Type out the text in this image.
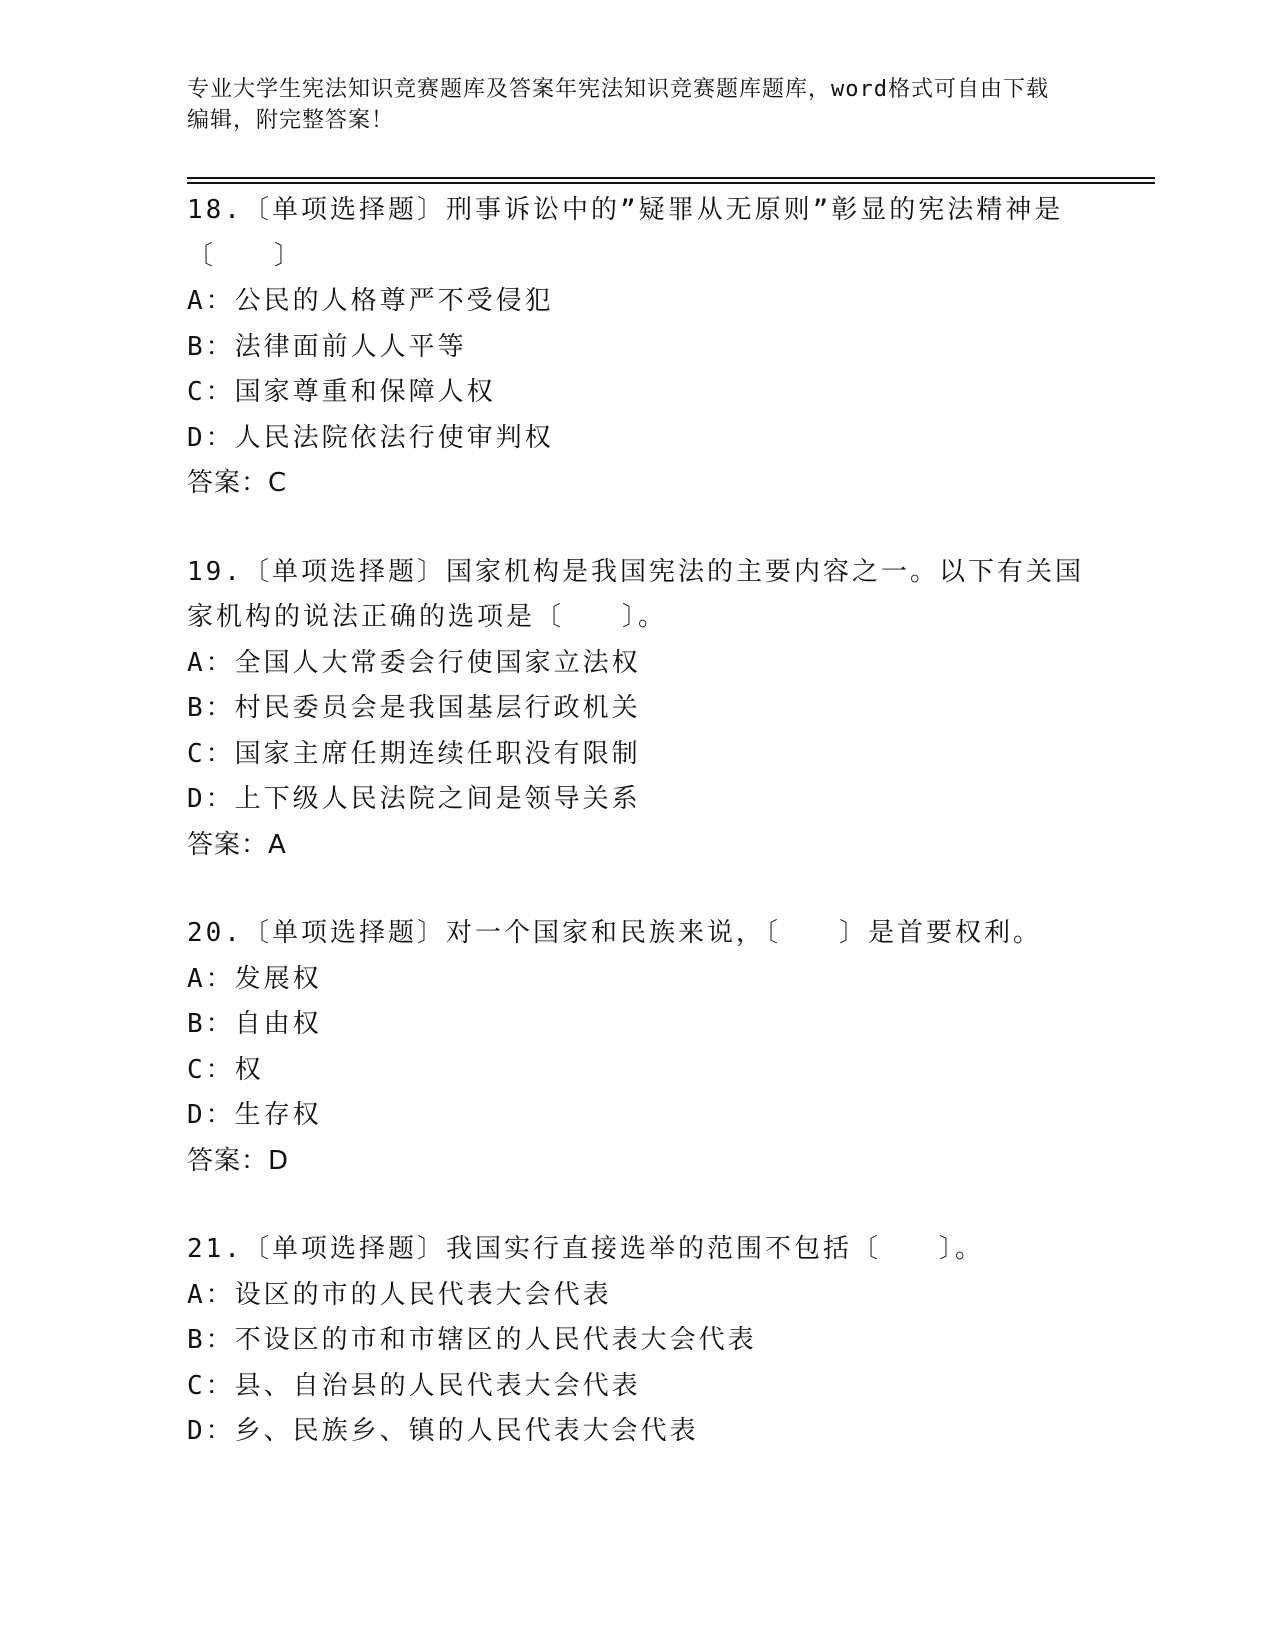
专业大学生宪法知识竞赛题库及答案年宪法知识竞赛题库题库，word格式可自由下载编辑，附完整答案！

18.〔单项选择题〕刑事诉讼中的”疑罪从无原则”彰显的宪法精神是〔　　〕

A：公民的人格尊严不受侵犯
B：法律面前人人平等
C：国家尊重和保障人权
D：人民法院依法行使审判权
答案：C

19.〔单项选择题〕国家机构是我国宪法的主要内容之一。以下有关国家机构的说法正确的选项是〔　　〕。

A：全国人大常委会行使国家立法权
B：村民委员会是我国基层行政机关
C：国家主席任期连续任职没有限制
D：上下级人民法院之间是领导关系
答案：A

20.〔单项选择题〕对一个国家和民族来说，〔　　〕是首要权利。

A：发展权
B：自由权
C：权
D：生存权
答案：D

21.〔单项选择题〕我国实行直接选举的范围不包括〔　　〕。

A：设区的市的人民代表大会代表
B：不设区的市和市辖区的人民代表大会代表
C：县、自治县的人民代表大会代表
D：乡、民族乡、镇的人民代表大会代表
